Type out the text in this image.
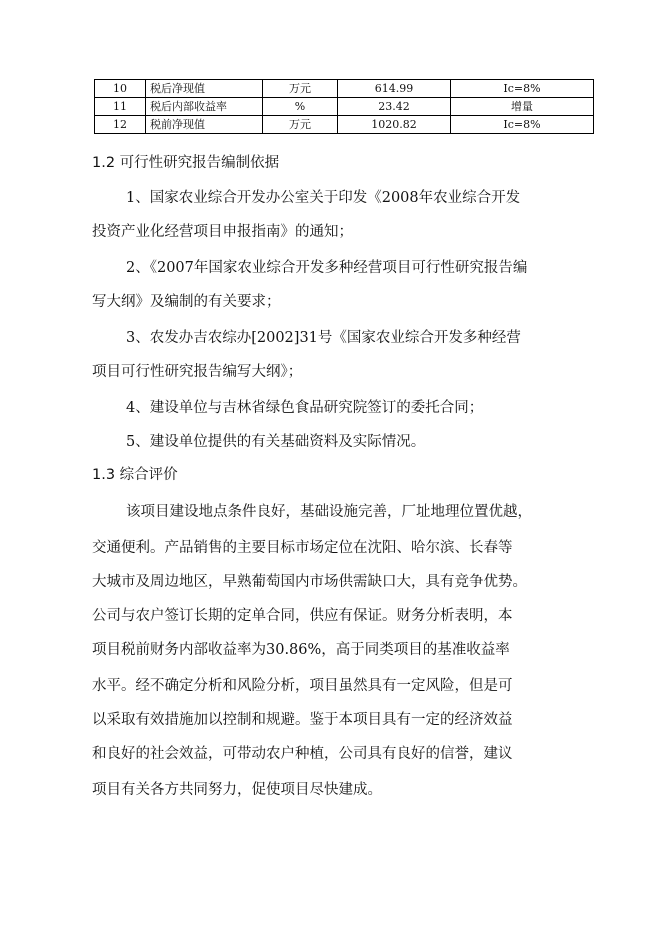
10	税后净现值	万元	614.99	Ic=8%
11	税后内部收益率	%	23.42	增量
12	税前净现值	万元	1020.82	Ic=8%
1.2 可行性研究报告编制依据

1、国家农业综合开发办公室关于印发《2008年农业综合开发

投资产业化经营项目申报指南》的通知；

2、《2007年国家农业综合开发多种经营项目可行性研究报告编

写大纲》及编制的有关要求；

3、农发办吉农综办[2002]31号《国家农业综合开发多种经营

项目可行性研究报告编写大纲》；

4、建设单位与吉林省绿色食品研究院签订的委托合同；

5、建设单位提供的有关基础资料及实际情况。

1.3 综合评价

该项目建设地点条件良好，基础设施完善，厂址地理位置优越，

交通便利。产品销售的主要目标市场定位在沈阳、哈尔滨、长春等

大城市及周边地区，早熟葡萄国内市场供需缺口大，具有竞争优势。

公司与农户签订长期的定单合同，供应有保证。财务分析表明，本

项目税前财务内部收益率为30.86%，高于同类项目的基准收益率

水平。经不确定分析和风险分析，项目虽然具有一定风险，但是可

以采取有效措施加以控制和规避。鉴于本项目具有一定的经济效益

和良好的社会效益，可带动农户种植，公司具有良好的信誉，建议

项目有关各方共同努力，促使项目尽快建成。
